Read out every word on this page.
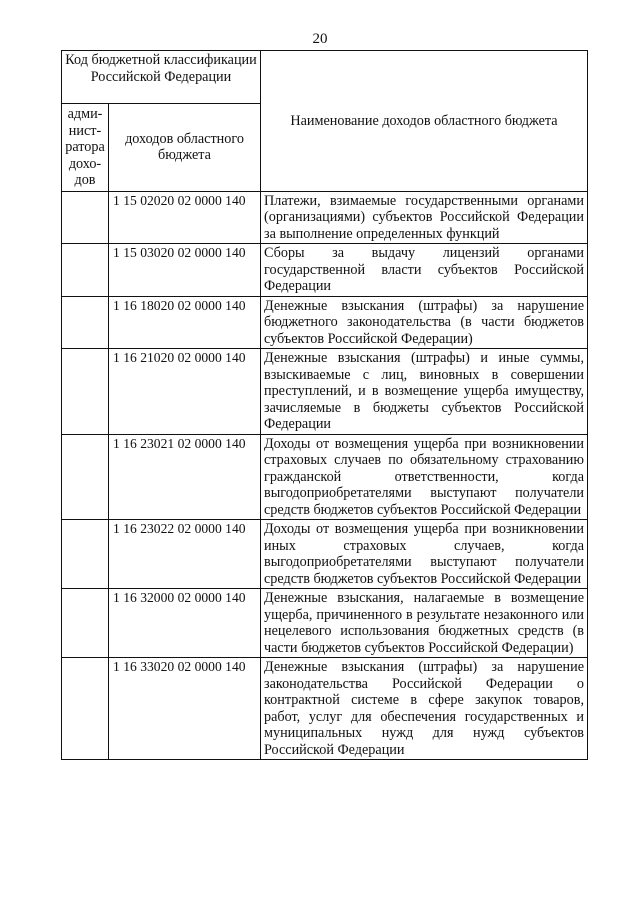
20
Код бюджетной классификации Российской Федерации		Наименование доходов областного бюджета
адми-нист-ратора дохо-дов	доходов областного бюджета	
	1 15 02020 02 0000 140	Платежи, взимаемые государственными органами (организациями) субъектов Российской Федерации за выполнение определенных функций
	1 15 03020 02 0000 140	Сборы за выдачу лицензий органами государственной власти субъектов Российской Федерации
	1 16 18020 02 0000 140	Денежные взыскания (штрафы) за нарушение бюджетного законодательства (в части бюджетов субъектов Российской Федерации)
	1 16 21020 02 0000 140	Денежные взыскания (штрафы) и иные суммы, взыскиваемые с лиц, виновных в совершении преступлений, и в возмещение ущерба имуществу, зачисляемые в бюджеты субъектов Российской Федерации
	1 16 23021 02 0000 140	Доходы от возмещения ущерба при возникновении страховых случаев по обязательному страхованию гражданской ответственности, когда выгодоприобретателями выступают получатели средств бюджетов субъектов Российской Федерации
	1 16 23022 02 0000 140	Доходы от возмещения ущерба при возникновении иных страховых случаев, когда выгодоприобретателями выступают получатели средств бюджетов субъектов Российской Федерации
	1 16 32000 02 0000 140	Денежные взыскания, налагаемые в возмещение ущерба, причиненного в результате незаконного или нецелевого использования бюджетных средств (в части бюджетов субъектов Российской Федерации)
	1 16 33020 02 0000 140	Денежные взыскания (штрафы) за нарушение законодательства Российской Федерации о контрактной системе в сфере закупок товаров, работ, услуг для обеспечения государственных и муниципальных нужд для нужд субъектов Российской Федерации
